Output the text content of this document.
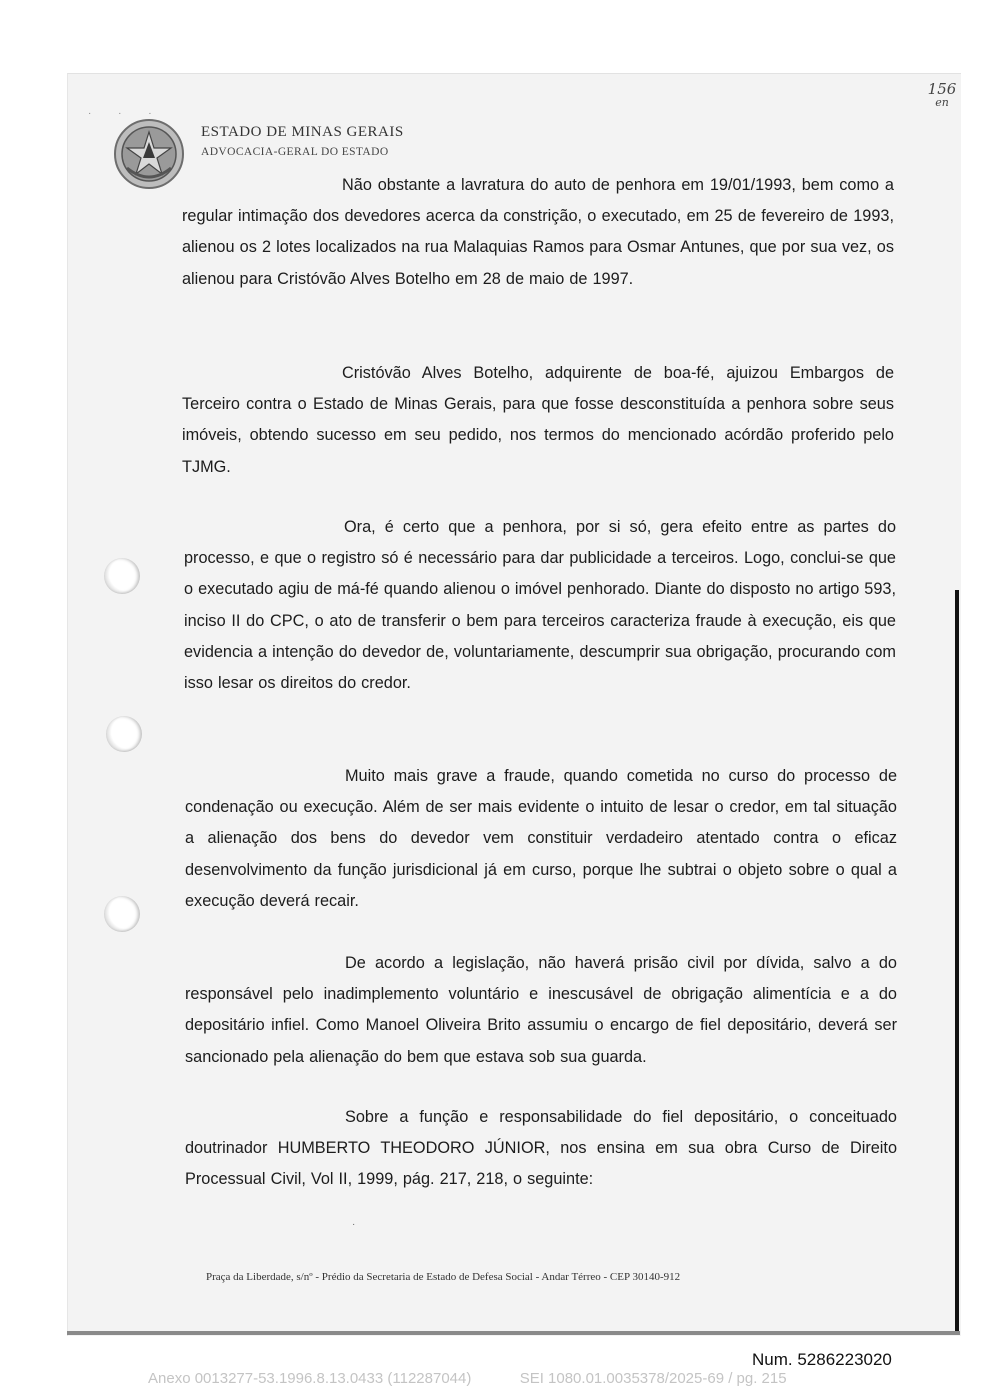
· · ·
ESTADO DE MINAS GERAIS
ADVOCACIA-GERAL DO ESTADO
156
en

Não obstante a lavratura do auto de penhora em 19/01/1993, bem como a regular intimação dos devedores acerca da constrição, o executado, em 25 de fevereiro de 1993, alienou os 2 lotes localizados na rua Malaquias Ramos para Osmar Antunes, que por sua vez, os alienou para Cristóvão Alves Botelho em 28 de maio de 1997.

Cristóvão Alves Botelho, adquirente de boa-fé, ajuizou Embargos de Terceiro contra o Estado de Minas Gerais, para que fosse desconstituída a penhora sobre seus imóveis, obtendo sucesso em seu pedido, nos termos do mencionado acórdão proferido pelo TJMG.

Ora, é certo que a penhora, por si só, gera efeito entre as partes do processo, e que o registro só é necessário para dar publicidade a terceiros. Logo, conclui-se que o executado agiu de má-fé quando alienou o imóvel penhorado. Diante do disposto no artigo 593, inciso II do CPC, o ato de transferir o bem para terceiros caracteriza fraude à execução, eis que evidencia a intenção do devedor de, voluntariamente, descumprir sua obrigação, procurando com isso lesar os direitos do credor.

Muito mais grave a fraude, quando cometida no curso do processo de condenação ou execução. Além de ser mais evidente o intuito de lesar o credor, em tal situação a alienação dos bens do devedor vem constituir verdadeiro atentado contra o eficaz desenvolvimento da função jurisdicional já em curso, porque lhe subtrai o objeto sobre o qual a execução deverá recair.

De acordo a legislação, não haverá prisão civil por dívida, salvo a do responsável pelo inadimplemento voluntário e inescusável de obrigação alimentícia e a do depositário infiel. Como Manoel Oliveira Brito assumiu o encargo de fiel depositário, deverá ser sancionado pela alienação do bem que estava sob sua guarda.

Sobre a função e responsabilidade do fiel depositário, o conceituado doutrinador HUMBERTO THEODORO JÚNIOR, nos ensina em sua obra Curso de Direito Processual Civil, Vol II, 1999, pág. 217, 218, o seguinte:

·
Praça da Liberdade, s/nº - Prédio da Secretaria de Estado de Defesa Social - Andar Térreo - CEP 30140-912
Num. 5286223020
Anexo 0013277-53.1996.8.13.0433 (112287044)	SEI 1080.01.0035378/2025-69 / pg. 215
